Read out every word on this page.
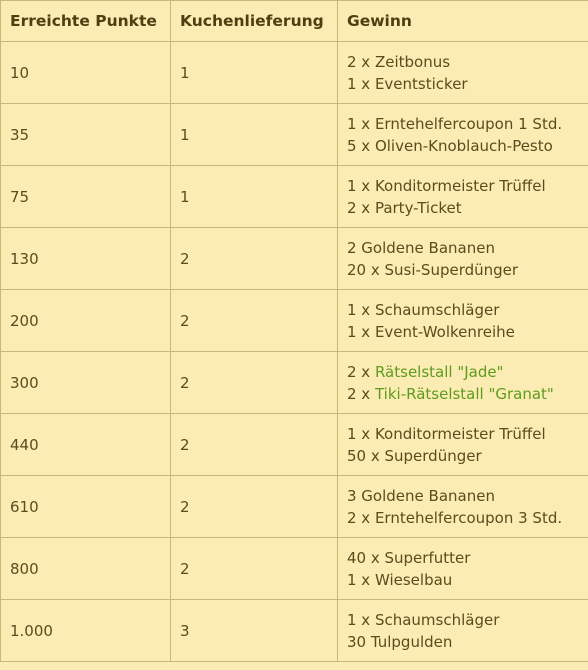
Erreichte Punkte	Kuchenlieferung	Gewinn
10	1	2 x Zeitbonus
1 x Eventsticker

35	1	1 x Erntehelfercoupon 1 Std.
5 x Oliven-Knoblauch-Pesto

75	1	1 x Konditormeister Trüffel
2 x Party-Ticket

130	2	2 Goldene Bananen
20 x Susi-Superdünger

200	2	1 x Schaumschläger
1 x Event-Wolkenreihe

300	2	2 x Rätselstall "Jade"
2 x Tiki-Rätselstall "Granat"

440	2	1 x Konditormeister Trüffel
50 x Superdünger

610	2	3 Goldene Bananen
2 x Erntehelfercoupon 3 Std.

800	2	40 x Superfutter
1 x Wieselbau

1.000	3	1 x Schaumschläger
30 Tulpgulden
